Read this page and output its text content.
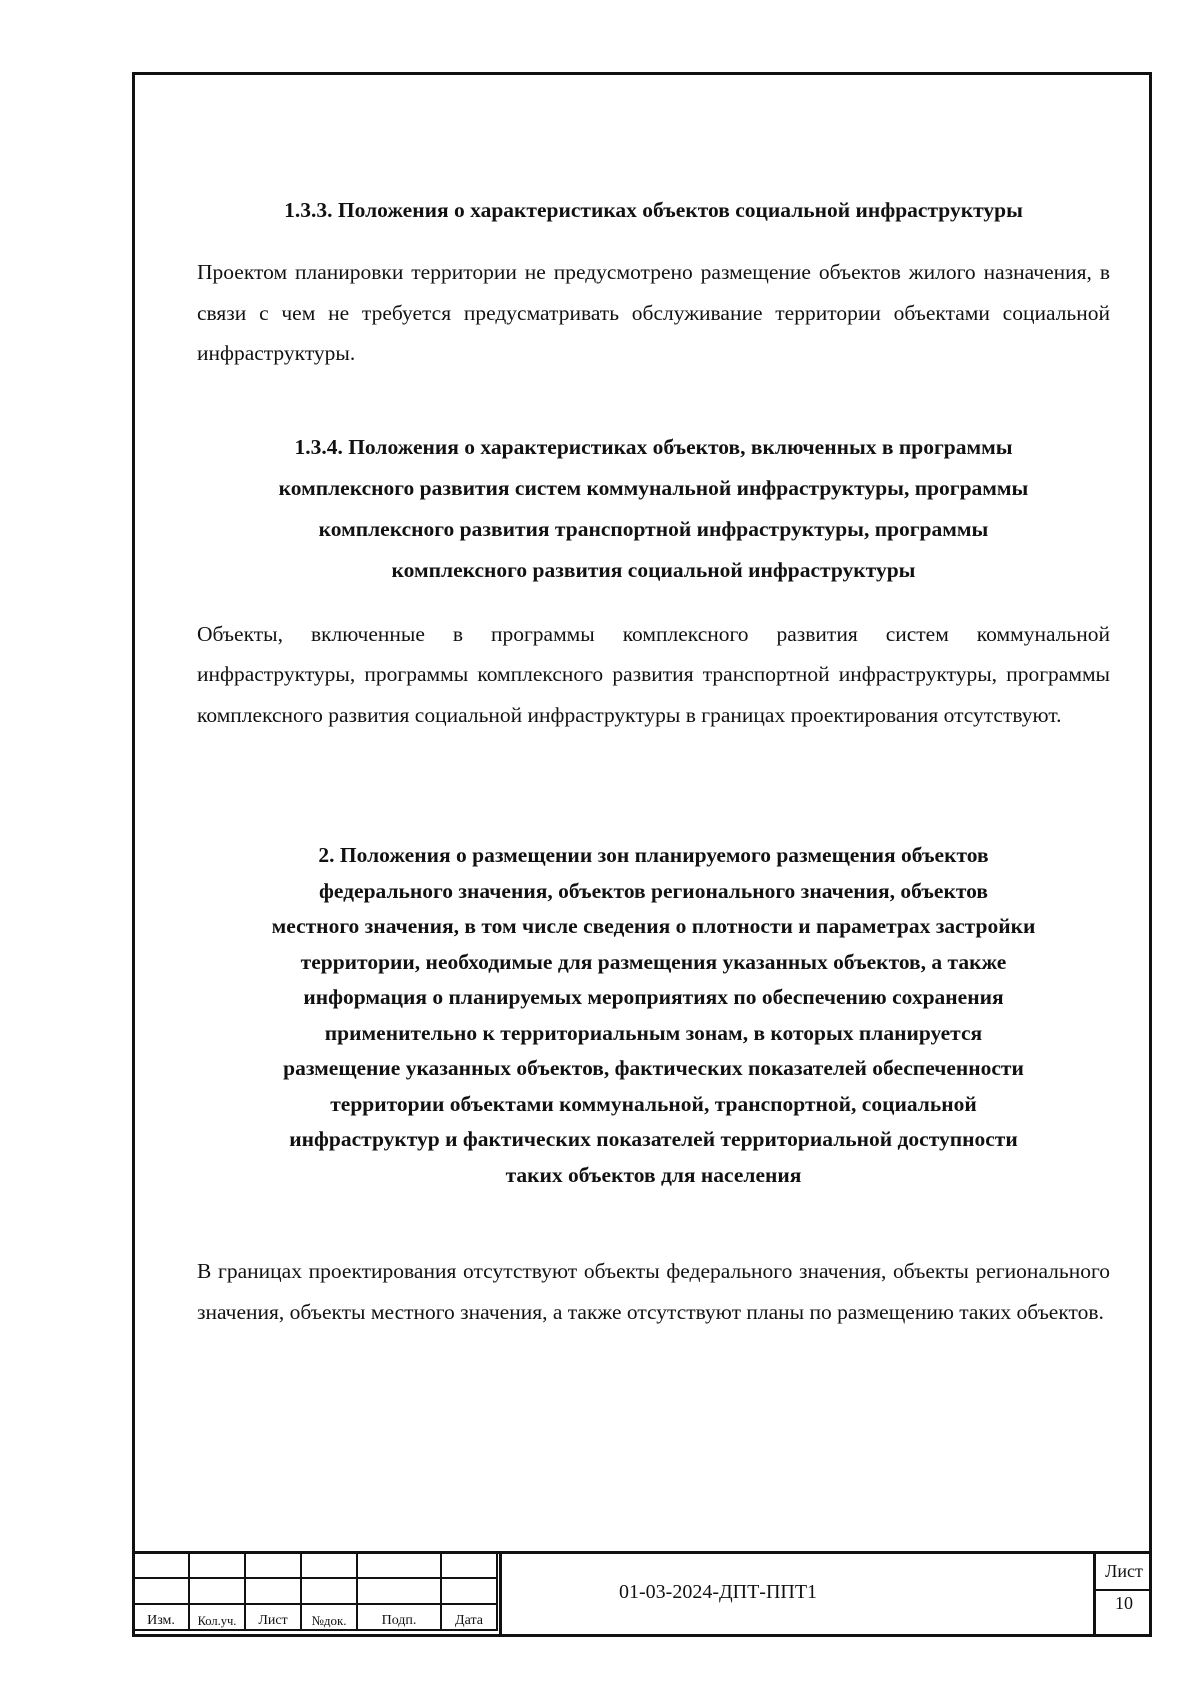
1.3.3. Положения о характеристиках объектов социальной инфраструктуры
Проектом планировки территории не предусмотрено размещение объектов жилого назначения, в связи с чем не требуется предусматривать обслуживание территории объектами социальной инфраструктуры.
1.3.4. Положения о характеристиках объектов, включенных в программы
комплексного развития систем коммунальной инфраструктуры, программы
комплексного развития транспортной инфраструктуры, программы
комплексного развития социальной инфраструктуры
Объекты, включенные в программы комплексного развития систем коммунальной инфраструктуры, программы комплексного развития транспортной инфраструктуры, программы комплексного развития социальной инфраструктуры в границах проектирования отсутствуют.
2. Положения о размещении зон планируемого размещения объектов
федерального значения, объектов регионального значения, объектов
местного значения, в том числе сведения о плотности и параметрах застройки
территории, необходимые для размещения указанных объектов, а также
информация о планируемых мероприятиях по обеспечению сохранения
применительно к территориальным зонам, в которых планируется
размещение указанных объектов, фактических показателей обеспеченности
территории объектами коммунальной, транспортной, социальной
инфраструктур и фактических показателей территориальной доступности
таких объектов для населения
В границах проектирования отсутствуют объекты федерального значения, объекты регионального значения, объекты местного значения, а также отсутствуют планы по размещению таких объектов.

Изм.	Кол.уч.	Лист	№док.	Подп.	Дата
01-03-2024-ДПТ-ППТ1
Лист
10
